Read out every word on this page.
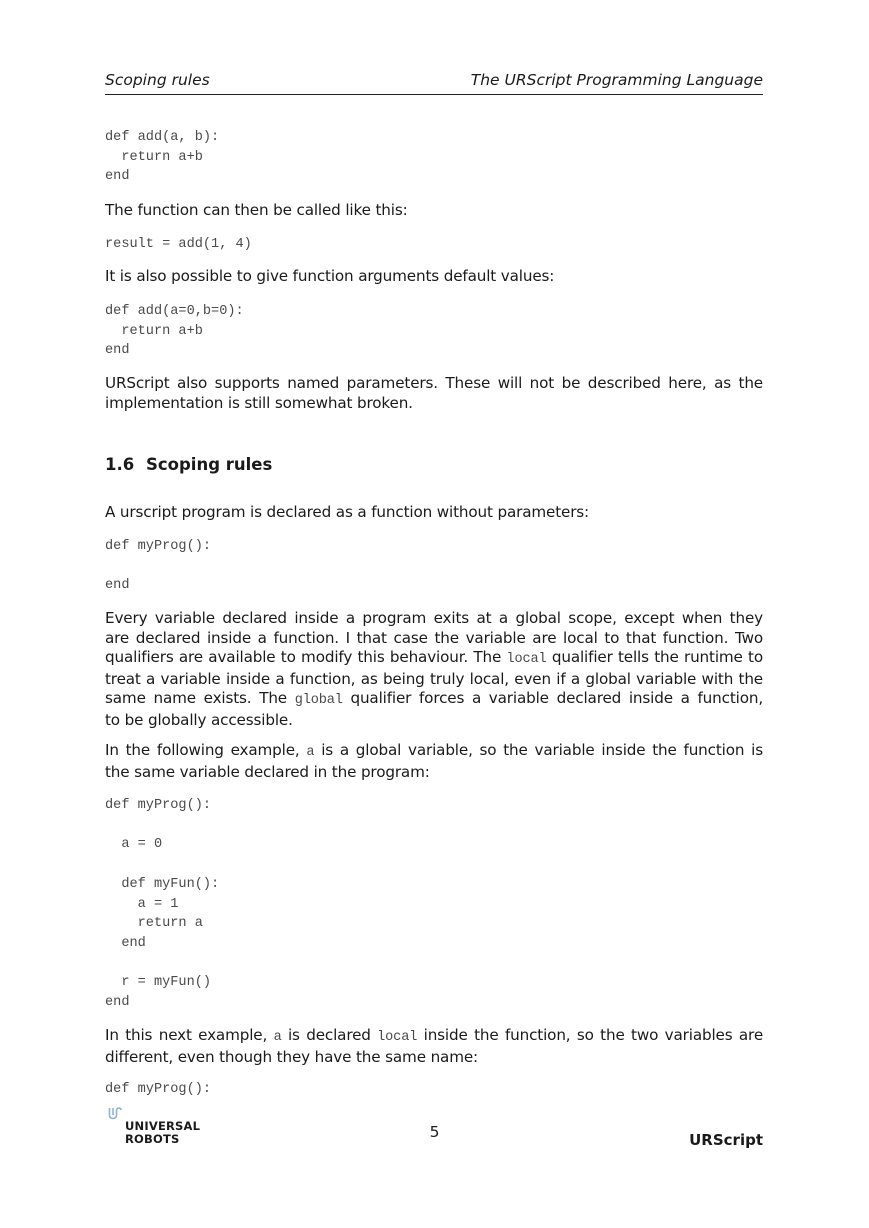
Scoping rules	The URScript Programming Language
def add(a, b):
return a+b
end

The function can then be called like this:

result = add(1, 4)

It is also possible to give function arguments default values:

def add(a=0,b=0):
return a+b
end

URScript also supports named parameters. These will not be described here, as the
implementation is still somewhat broken.

1.6 Scoping rules

A urscript program is declared as a function without parameters:

def myProg():

end
Every variable declared inside a program exits at a global scope, except when they
are declared inside a function. I that case the variable are local to that function. Two
qualifiers are available to modify this behaviour. The local qualifier tells the runtime to
treat a variable inside a function, as being truly local, even if a global variable with the
same name exists. The global qualifier forces a variable declared inside a function,
to be globally accessible.
In the following example, a is a global variable, so the variable inside the function is
the same variable declared in the program:
def myProg():

a = 0

def myFun():
a = 1
return a
end

r = myFun()
end
In this next example, a is declared local inside the function, so the two variables are
different, even though they have the same name:
def myProg():
UNIVERSAL
ROBOTS	5	URScript
